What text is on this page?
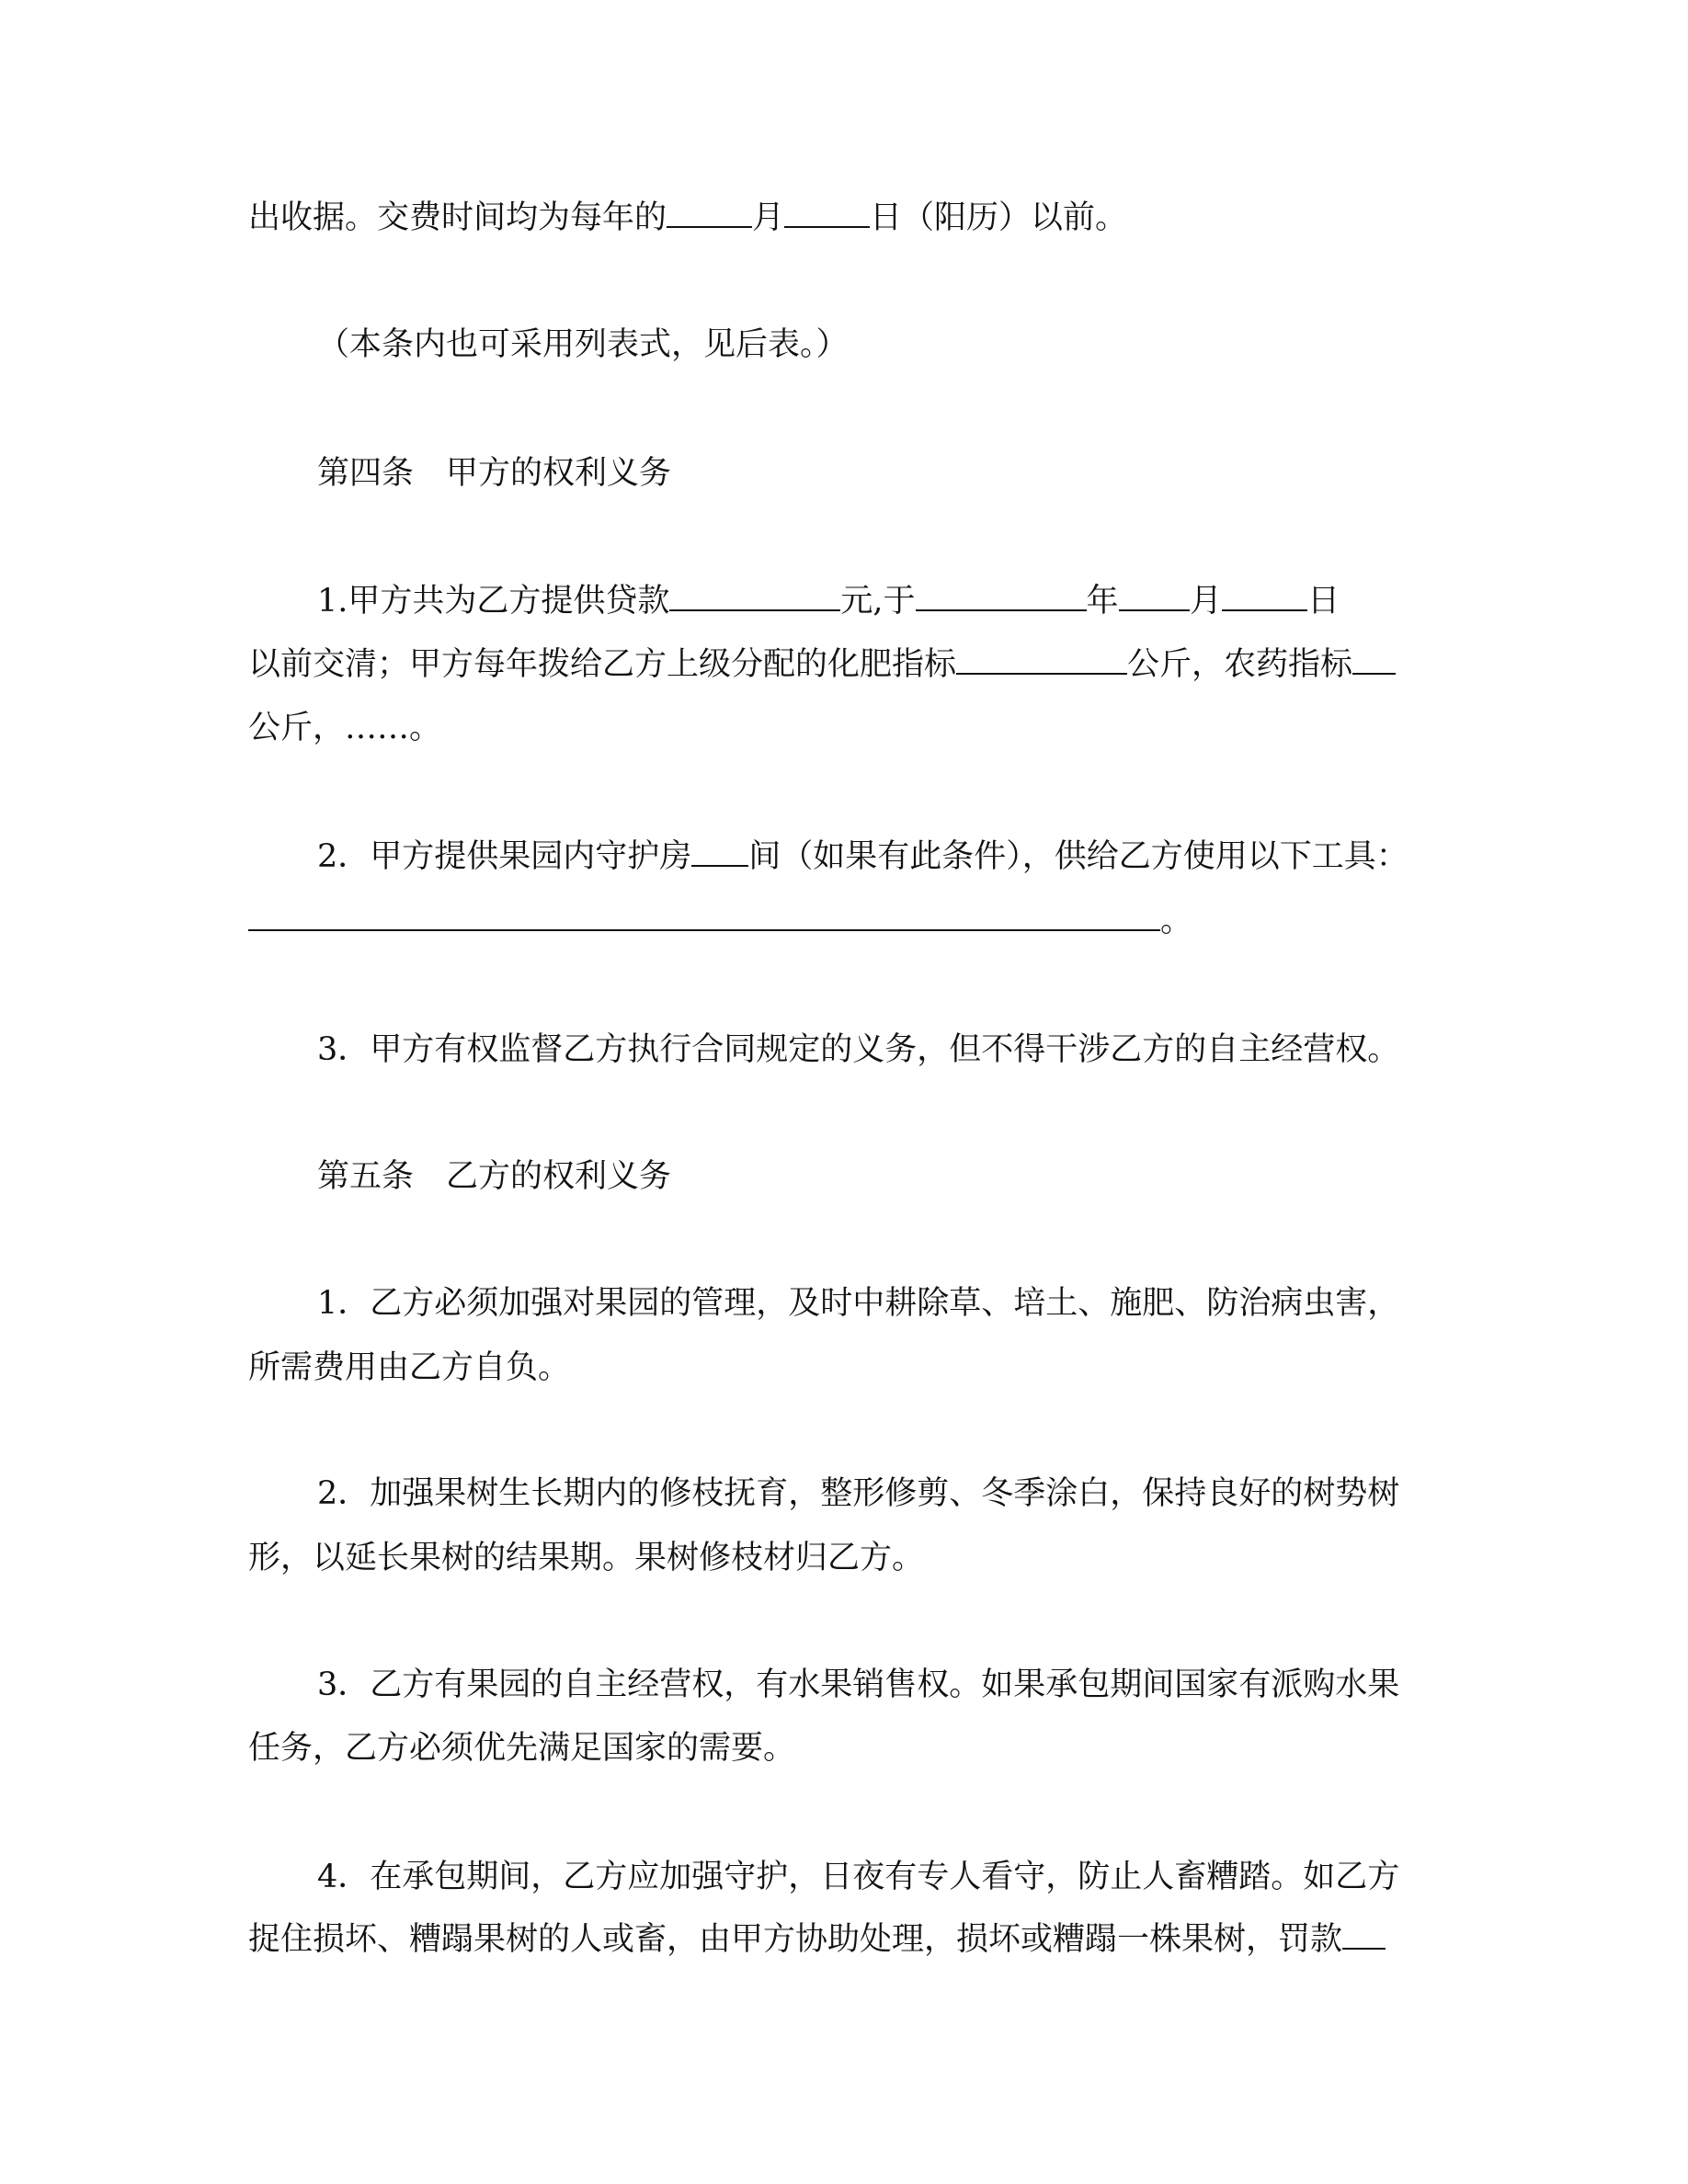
出收据。交费时间均为每年的	月	日（阳历）以前。
（本条内也可采用列表式，见后表。）
第四条　甲方的权利义务
1.甲方共为乙方提供贷款	元,于	年 月	日
以前交清；甲方每年拨给乙方上级分配的化肥指标	公斤，农药指标
公斤，……。
2．甲方提供果园内守护房 间（如果有此条件），供给乙方使用以下工具：
。
3．甲方有权监督乙方执行合同规定的义务，但不得干涉乙方的自主经营权。
第五条　乙方的权利义务
1．乙方必须加强对果园的管理，及时中耕除草、培土、施肥、防治病虫害，
所需费用由乙方自负。
2．加强果树生长期内的修枝抚育，整形修剪、冬季涂白，保持良好的树势树
形，以延长果树的结果期。果树修枝材归乙方。
3．乙方有果园的自主经营权，有水果销售权。如果承包期间国家有派购水果
任务，乙方必须优先满足国家的需要。
4．在承包期间，乙方应加强守护，日夜有专人看守，防止人畜糟踏。如乙方
捉住损坏、糟蹋果树的人或畜，由甲方协助处理，损坏或糟蹋一株果树，罚款
